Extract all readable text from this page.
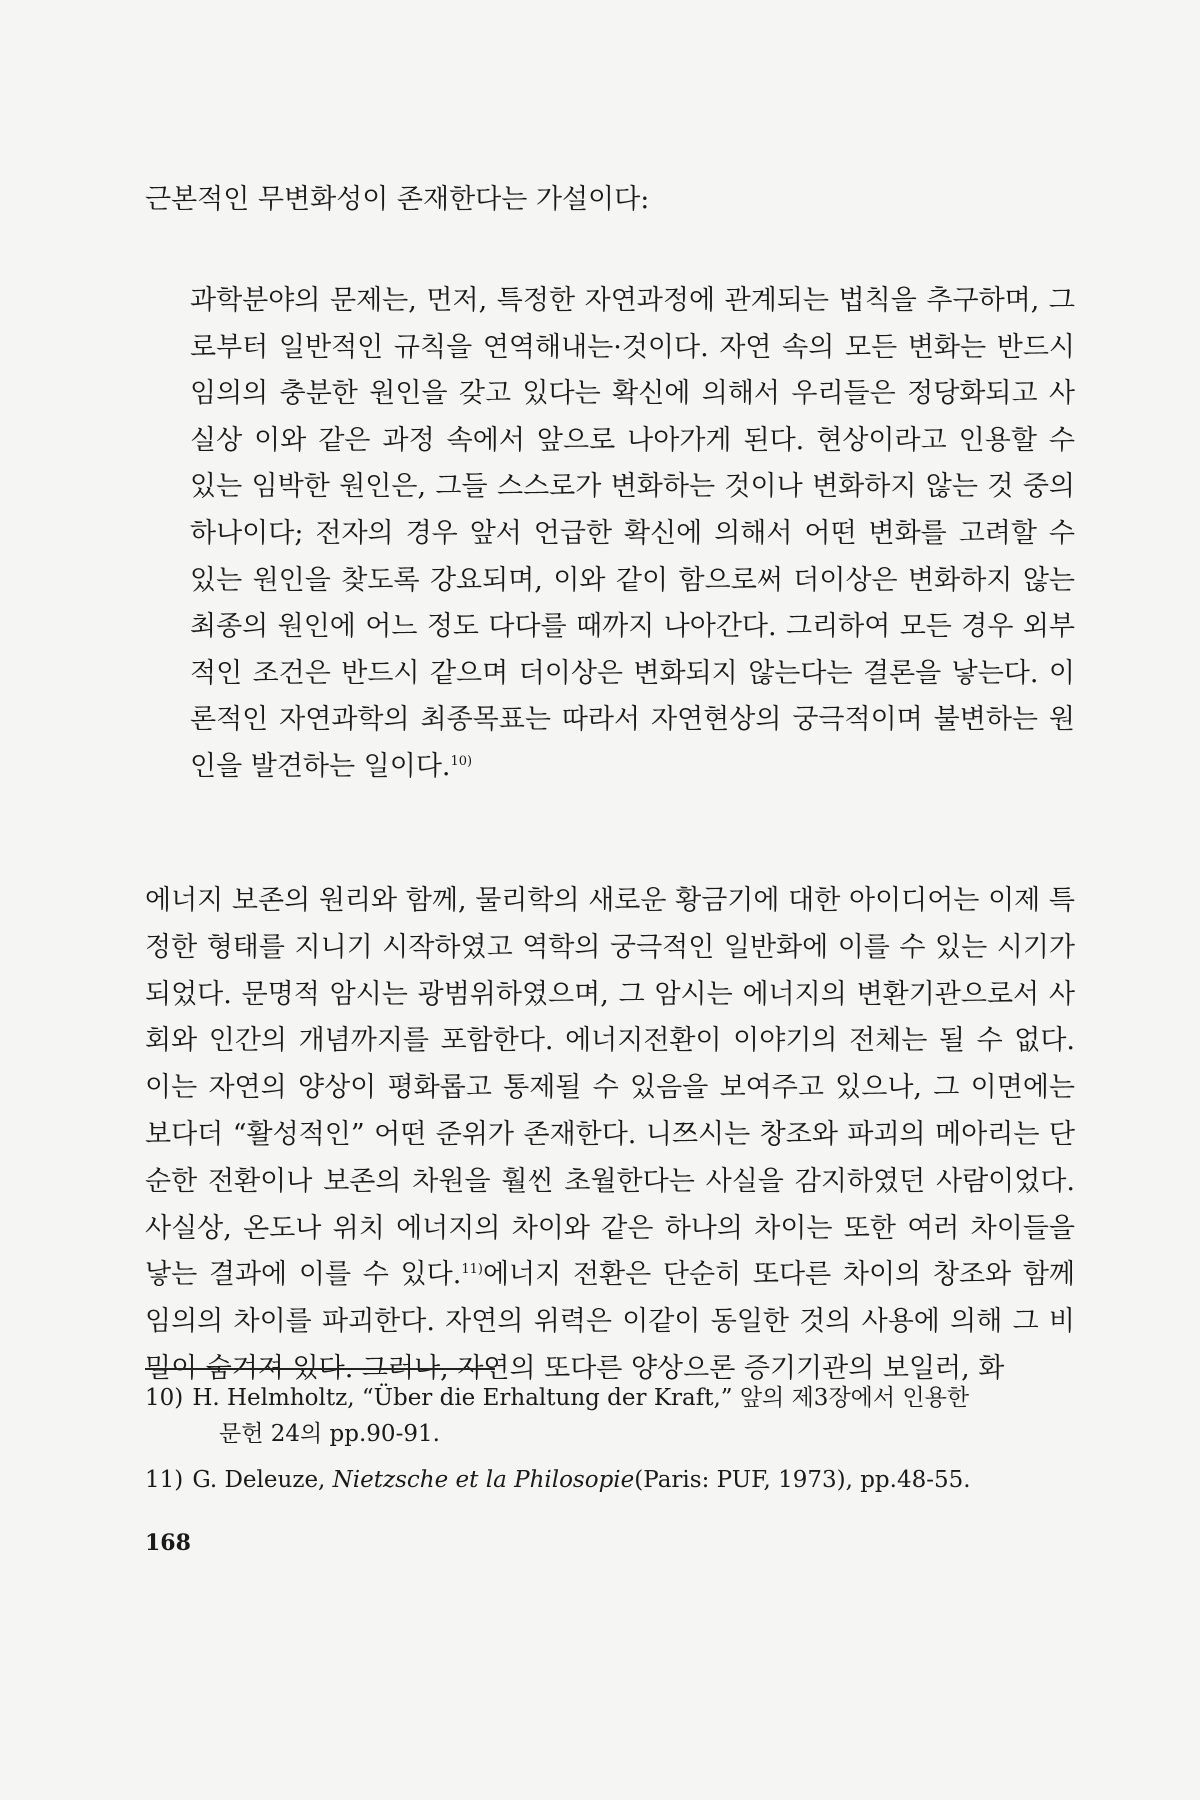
근본적인 무변화성이 존재한다는 가설이다:

과학분야의 문제는, 먼저, 특정한 자연과정에 관계되는 법칙을 추구하며, 그로부터 일반적인 규칙을 연역해내는·것이다. 자연 속의 모든 변화는 반드시 임의의 충분한 원인을 갖고 있다는 확신에 의해서 우리들은 정당화되고 사실상 이와 같은 과정 속에서 앞으로 나아가게 된다. 현상이라고 인용할 수 있는 임박한 원인은, 그들 스스로가 변화하는 것이나 변화하지 않는 것 중의 하나이다; 전자의 경우 앞서 언급한 확신에 의해서 어떤 변화를 고려할 수 있는 원인을 찾도록 강요되며, 이와 같이 함으로써 더이상은 변화하지 않는 최종의 원인에 어느 정도 다다를 때까지 나아간다. 그리하여 모든 경우 외부적인 조건은 반드시 같으며 더이상은 변화되지 않는다는 결론을 낳는다. 이론적인 자연과학의 최종목표는 따라서 자연현상의 궁극적이며 불변하는 원인을 발견하는 일이다.$^{10)}$

에너지 보존의 원리와 함께, 물리학의 새로운 황금기에 대한 아이디어는 이제 특정한 형태를 지니기 시작하였고 역학의 궁극적인 일반화에 이를 수 있는 시기가 되었다. 문명적 암시는 광범위하였으며, 그 암시는 에너지의 변환기관으로서 사회와 인간의 개념까지를 포함한다. 에너지전환이 이야기의 전체는 될 수 없다. 이는 자연의 양상이 평화롭고 통제될 수 있음을 보여주고 있으나, 그 이면에는 보다더 “활성적인” 어떤 준위가 존재한다. 니쯔시는 창조와 파괴의 메아리는 단순한 전환이나 보존의 차원을 훨씬 초월한다는 사실을 감지하였던 사람이었다. 사실상, 온도나 위치 에너지의 차이와 같은 하나의 차이는 또한 여러 차이들을 낳는 결과에 이를 수 있다.$^{11)}$에너지 전환은 단순히 또다른 차이의 창조와 함께 임의의 차이를 파괴한다. 자연의 위력은 이같이 동일한 것의 사용에 의해 그 비밀이 숨겨져 있다. 그러나, 자연의 또다른 양상으론 증기기관의 보일러, 화

10) H. Helmholtz, “Über die Erhaltung der Kraft,” 앞의 제3장에서 인용한
문헌 24의 pp.90-91.
11) G. Deleuze, Nietzsche et la Philosopie(Paris: PUF, 1973), pp.48-55.
168
